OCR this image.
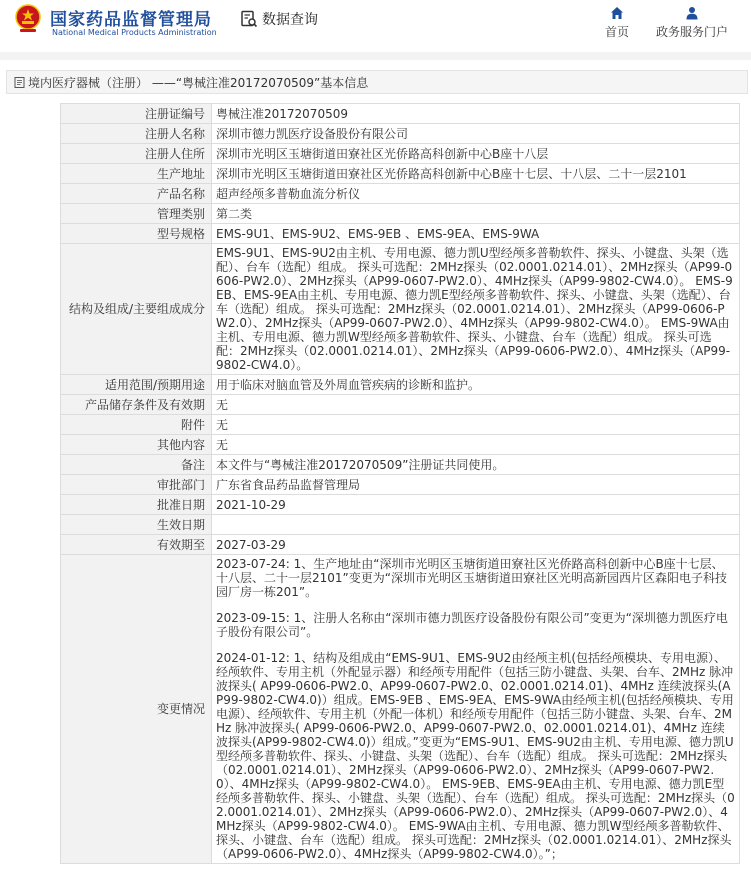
国家药品监督管理局
National Medical Products Administration
数据查询
首页 政务服务门户
境内医疗器械（注册） ——“粤械注准20172070509”基本信息
注册证编号	粤械注准20172070509
注册人名称	深圳市德力凯医疗设备股份有限公司
注册人住所	深圳市光明区玉塘街道田寮社区光侨路高科创新中心B座十八层
生产地址	深圳市光明区玉塘街道田寮社区光侨路高科创新中心B座十七层、十八层、二十一层2101
产品名称	超声经颅多普勒血流分析仪
管理类别	第二类
型号规格	EMS-9U1、EMS-9U2、EMS-9EB 、EMS-9EA、EMS-9WA
结构及组成/主要组成成分	EMS-9U1、EMS-9U2由主机、专用电源、德力凯U型经颅多普勒软件、探头、小键盘、头架（选配）、台车（选配）组成。 探头可选配：2MHz探头（02.0001.0214.01）、2MHz探头（AP99-0606-PW2.0）、2MHz探头（AP99-0607-PW2.0）、4MHz探头（AP99-9802-CW4.0）。 EMS-9EB、EMS-9EA由主机、专用电源、德力凯E型经颅多普勒软件、探头、小键盘、头架（选配）、台车（选配）组成。 探头可选配：2MHz探头（02.0001.0214.01）、2MHz探头（AP99-0606-PW2.0）、2MHz探头（AP99-0607-PW2.0）、4MHz探头（AP99-9802-CW4.0）。 EMS-9WA由主机、专用电源、德力凯W型经颅多普勒软件、探头、小键盘、台车（选配）组成。 探头可选配：2MHz探头（02.0001.0214.01）、2MHz探头（AP99-0606-PW2.0）、4MHz探头（AP99-9802-CW4.0）。
适用范围/预期用途	用于临床对脑血管及外周血管疾病的诊断和监护。
产品储存条件及有效期	无
附件	无
其他内容	无
备注	本文件与“粤械注准20172070509”注册证共同使用。
审批部门	广东省食品药品监督管理局
批准日期	2021-10-29
生效日期	
有效期至	2027-03-29
变更情况	2023-07-24: 1、生产地址由“深圳市光明区玉塘街道田寮社区光侨路高科创新中心B座十七层、十八层、二十一层2101”变更为“深圳市光明区玉塘街道田寮社区光明高新园西片区森阳电子科技园厂房一栋201”。
2023-09-15: 1、注册人名称由“深圳市德力凯医疗设备股份有限公司”变更为“深圳德力凯医疗电子股份有限公司”。
2024-01-12: 1、结构及组成由“EMS-9U1、EMS-9U2由经颅主机(包括经颅模块、专用电源）、经颅软件、专用主机（外配显示器）和经颅专用配件（包括三防小键盘、头架、台车、2MHz 脉冲波探头( AP99-0606-PW2.0、AP99-0607-PW2.0、02.0001.0214.01)、4MHz 连续波探头(AP99-9802-CW4.0)）组成。EMS-9EB 、EMS-9EA、EMS-9WA由经颅主机(包括经颅模块、专用电源）、经颅软件、专用主机（外配一体机）和经颅专用配件（包括三防小键盘、头架、台车、2MHz 脉冲波探头( AP99-0606-PW2.0、AP99-0607-PW2.0、02.0001.0214.01)、4MHz 连续波探头(AP99-9802-CW4.0)）组成。”变更为“EMS-9U1、EMS-9U2由主机、专用电源、德力凯U型经颅多普勒软件、探头、小键盘、头架（选配）、台车（选配）组成。 探头可选配：2MHz探头（02.0001.0214.01）、2MHz探头（AP99-0606-PW2.0）、2MHz探头（AP99-0607-PW2.0）、4MHz探头（AP99-9802-CW4.0）。 EMS-9EB、EMS-9EA由主机、专用电源、德力凯E型经颅多普勒软件、探头、小键盘、头架（选配）、台车（选配）组成。 探头可选配：2MHz探头（02.0001.0214.01）、2MHz探头（AP99-0606-PW2.0）、2MHz探头（AP99-0607-PW2.0）、4MHz探头（AP99-9802-CW4.0）。 EMS-9WA由主机、专用电源、德力凯W型经颅多普勒软件、探头、小键盘、台车（选配）组成。 探头可选配：2MHz探头（02.0001.0214.01）、2MHz探头（AP99-0606-PW2.0）、4MHz探头（AP99-9802-CW4.0）。”；
